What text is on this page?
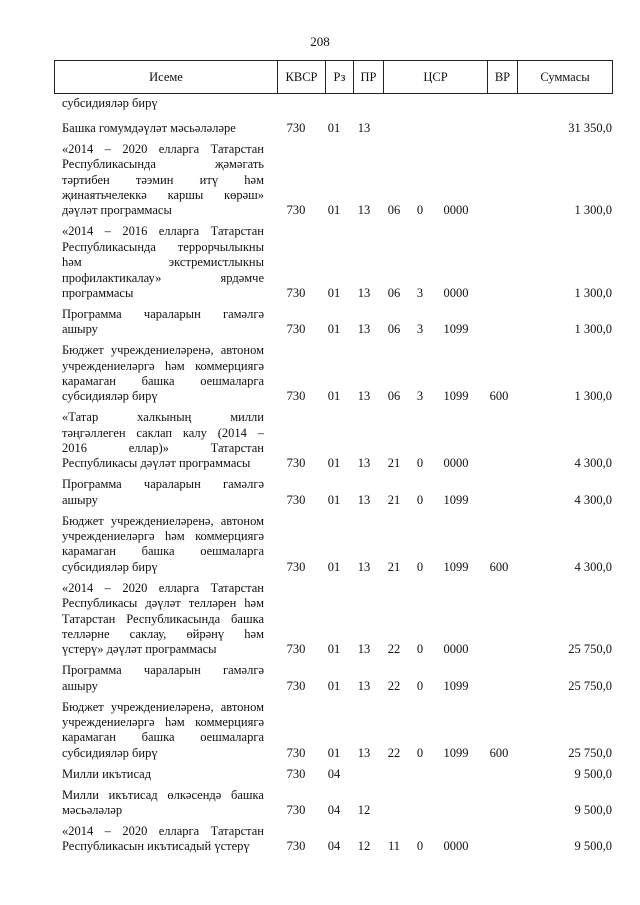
208
Исеме	КВСР	Рз	ПР	ЦСР	ВР	Суммасы
субсидияләр бирү
Башка гомумдәүләт мәсьәләләре	730 01 13	31 350,0
«2014 – 2020 елларга Татарстан
Республикасында җәмәгать
тәртибен тәэмин итү һәм
җинаятьчелеккә каршы көрәш»
дәүләт программасы	730 01 13 06 0 0000	1 300,0
«2014 – 2016 елларга Татарстан
Республикасында террорчылыкны
һәм экстремистлыкны
профилактикалау» ярдәмче
программасы	730 01 13 06 3 0000	1 300,0
Программа чараларын гамәлгә
ашыру	730 01 13 06 3 1099	1 300,0
Бюджет учреждениеләренә, автоном
учреждениеләргә һәм коммерциягә
карамаган башка оешмаларга
субсидияләр бирү	730 01 13 06 3 1099 600	1 300,0
«Татар халкының милли
тәңгәллеген саклап калу (2014 –
2016 еллар)» Татарстан
Республикасы дәүләт программасы	730 01 13 21 0 0000	4 300,0
Программа чараларын гамәлгә
ашыру	730 01 13 21 0 1099	4 300,0
Бюджет учреждениеләренә, автоном
учреждениеләргә һәм коммерциягә
карамаган башка оешмаларга
субсидияләр бирү	730 01 13 21 0 1099 600	4 300,0
«2014 – 2020 елларга Татарстан
Республикасы дәүләт телләрен һәм
Татарстан Республикасында башка
телләрне саклау, өйрәнү һәм
үстерү» дәүләт программасы	730 01 13 22 0 0000	25 750,0
Программа чараларын гамәлгә
ашыру	730 01 13 22 0 1099	25 750,0
Бюджет учреждениеләренә, автоном
учреждениеләргә һәм коммерциягә
карамаган башка оешмаларга
субсидияләр бирү	730 01 13 22 0 1099 600	25 750,0
Милли икътисад	730 04	9 500,0
Милли икътисад өлкәсендә башка
мәсьәләләр	730 04 12	9 500,0
«2014 – 2020 елларга Татарстан
Республикасын икътисадый үстерү	730 04 12 11 0 0000	9 500,0
